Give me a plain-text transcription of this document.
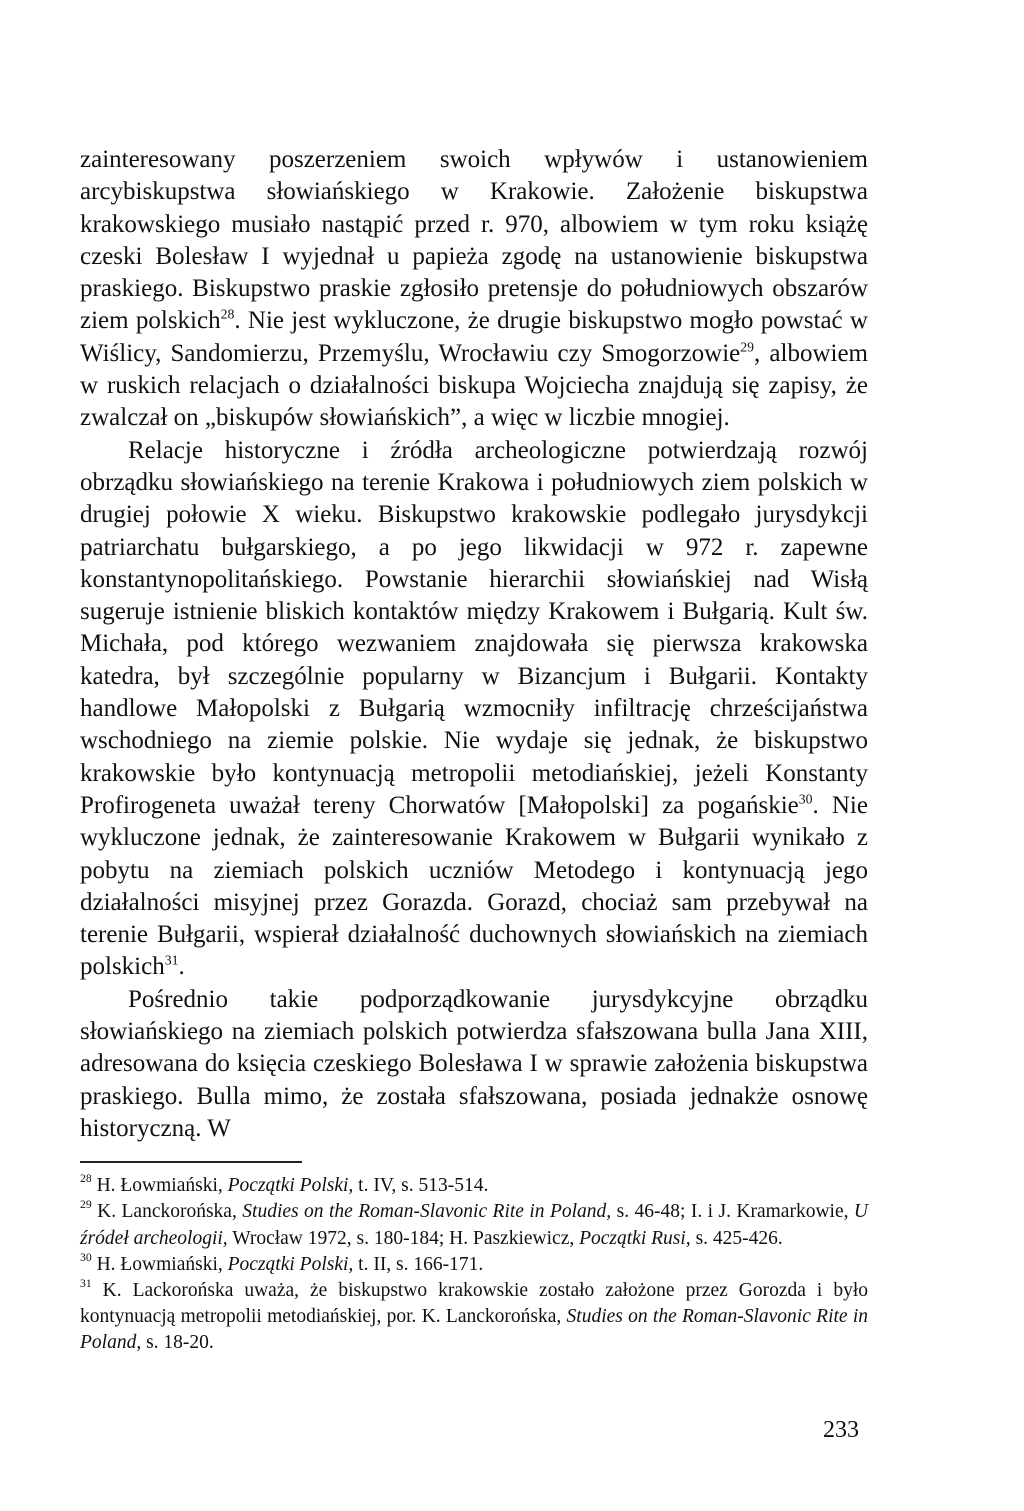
zainteresowany poszerzeniem swoich wpływów i ustanowieniem arcybiskupstwa słowiańskiego w Krakowie. Założenie biskupstwa krakowskiego musiało nastąpić przed r. 970, albowiem w tym roku książę czeski Bolesław I wyjednał u papieża zgodę na ustanowienie biskupstwa praskiego. Biskupstwo praskie zgłosiło pretensje do południowych obszarów ziem polskich$^{28}$. Nie jest wykluczone, że drugie biskupstwo mogło powstać w Wiślicy, Sandomierzu, Przemyślu, Wrocławiu czy Smogorzowie$^{29}$, albowiem w ruskich relacjach o działalności biskupa Wojciecha znajdują się zapisy, że zwalczał on „biskupów słowiańskich”, a więc w liczbie mnogiej.

Relacje historyczne i źródła archeologiczne potwierdzają rozwój obrządku słowiańskiego na terenie Krakowa i południowych ziem polskich w drugiej połowie X wieku. Biskupstwo krakowskie podlegało jurysdykcji patriarchatu bułgarskiego, a po jego likwidacji w 972 r. zapewne konstantynopolitańskiego. Powstanie hierarchii słowiańskiej nad Wisłą sugeruje istnienie bliskich kontaktów między Krakowem i Bułgarią. Kult św. Michała, pod którego wezwaniem znajdowała się pierwsza krakowska katedra, był szczególnie popularny w Bizancjum i Bułgarii. Kontakty handlowe Małopolski z Bułgarią wzmocniły infiltrację chrześcijaństwa wschodniego na ziemie polskie. Nie wydaje się jednak, że biskupstwo krakowskie było kontynuacją metropolii metodiańskiej, jeżeli Konstanty Profirogeneta uważał tereny Chorwatów [Małopolski] za pogańskie$^{30}$. Nie wykluczone jednak, że zainteresowanie Krakowem w Bułgarii wynikało z pobytu na ziemiach polskich uczniów Metodego i kontynuacją jego działalności misyjnej przez Gorazda. Gorazd, chociaż sam przebywał na terenie Bułgarii, wspierał działalność duchownych słowiańskich na ziemiach polskich$^{31}$.

Pośrednio takie podporządkowanie jurysdykcyjne obrządku słowiańskiego na ziemiach polskich potwierdza sfałszowana bulla Jana XIII, adresowana do księcia czeskiego Bolesława I w sprawie założenia biskupstwa praskiego. Bulla mimo, że została sfałszowana, posiada jednakże osnowę historyczną. W

$^{28}$ H. Łowmiański, Początki Polski, t. IV, s. 513-514.

$^{29}$ K. Lanckorońska, Studies on the Roman-Slavonic Rite in Poland, s. 46-48; I. i J. Kramarkowie, U źródeł archeologii, Wrocław 1972, s. 180-184; H. Paszkiewicz, Początki Rusi, s. 425-426.

$^{30}$ H. Łowmiański, Początki Polski, t. II, s. 166-171.

$^{31}$ K. Lackorońska uważa, że biskupstwo krakowskie zostało założone przez Gorozda i było kontynuacją metropolii metodiańskiej, por. K. Lanckorońska, Studies on the Roman-Slavonic Rite in Poland, s. 18-20.

233
